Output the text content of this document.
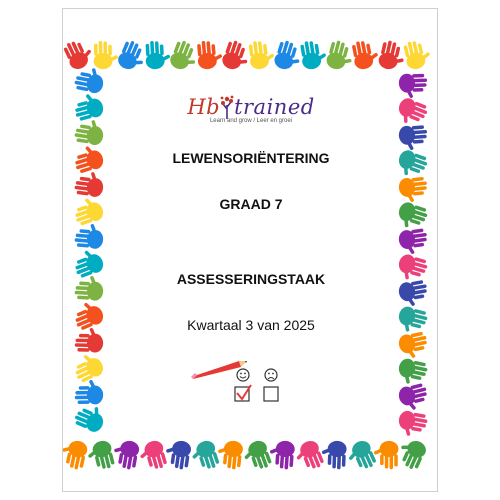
Hb trained
Learn and grow / Leer en groei
LEWENSORIËNTERING
GRAAD 7
ASSESSERINGSTAAK
Kwartaal 3 van 2025
